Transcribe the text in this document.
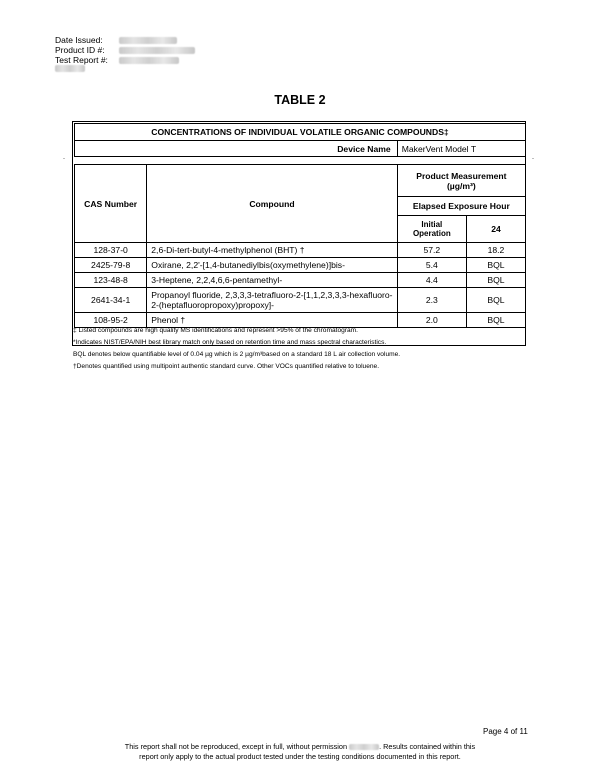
Date Issued:
Product ID #:
Test Report #:
TABLE 2
-	-
CONCENTRATIONS OF INDIVIDUAL VOLATILE ORGANIC COMPOUNDS‡			
Device Name		MakerVent Model T	

CAS Number	Compound	Product Measurement (µg/m³)	
		Elapsed Exposure Hour	
		Initial Operation	24
128-37-0	2,6-Di-tert-butyl-4-methylphenol (BHT) †	57.2	18.2
2425-79-8	Oxirane, 2,2'-[1,4-butanediylbis(oxymethylene)]bis-	5.4	BQL
123-48-8	3-Heptene, 2,2,4,6,6-pentamethyl-	4.4	BQL
2641-34-1	Propanoyl fluoride, 2,3,3,3-tetrafluoro-2-[1,1,2,3,3,3-hexafluoro-2-(heptafluoropropoxy)propoxy]-	2.3	BQL
108-95-2	Phenol †	2.0	BQL
‡ Listed compounds are high quality MS identifications and represent >95% of the chromatogram.
*Indicates NIST/EPA/NIH best library match only based on retention time and mass spectral characteristics.
BQL denotes below quantifiable level of 0.04 µg which is 2 µg/m³based on a standard 18 L air collection volume.
†Denotes quantified using multipoint authentic standard curve. Other VOCs quantified relative to toluene.
Page 4 of 11
This report shall not be reproduced, except in full, without permission	. Results contained within this
report only apply to the actual product tested under the testing conditions documented in this report.
